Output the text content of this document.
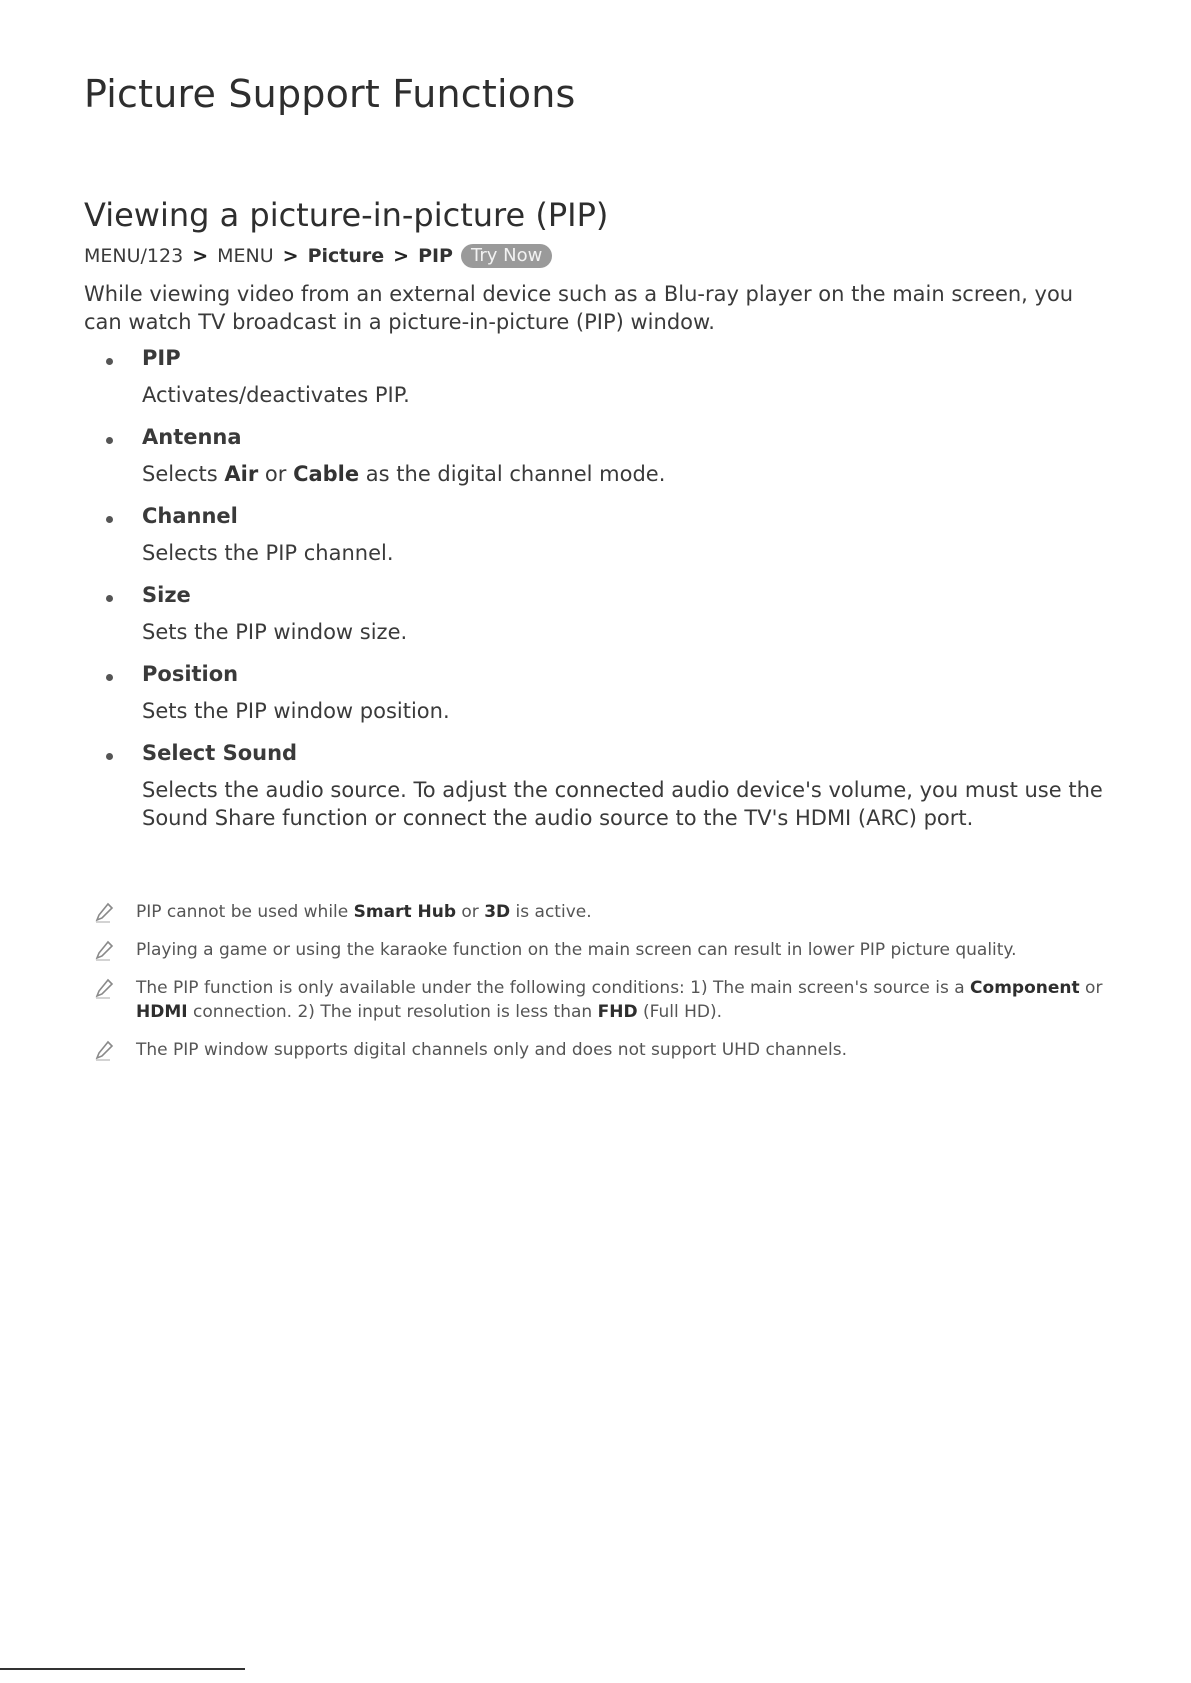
Picture Support Functions
Viewing a picture-in-picture (PIP)
MENU/123 > MENU > Picture > PIP	Try Now

While viewing video from an external device such as a Blu-ray player on the main screen, you can watch TV broadcast in a picture-in-picture (PIP) window.

PIP
Activates/deactivates PIP.
Antenna
Selects Air or Cable as the digital channel mode.
Channel
Selects the PIP channel.
Size
Sets the PIP window size.
Position
Sets the PIP window position.
Select Sound
Selects the audio source. To adjust the connected audio device's volume, you must use the Sound Share function or connect the audio source to the TV's HDMI (ARC) port.
PIP cannot be used while Smart Hub or 3D is active.
Playing a game or using the karaoke function on the main screen can result in lower PIP picture quality.
The PIP function is only available under the following conditions: 1) The main screen's source is a Component or HDMI connection. 2) The input resolution is less than FHD (Full HD).
The PIP window supports digital channels only and does not support UHD channels.
